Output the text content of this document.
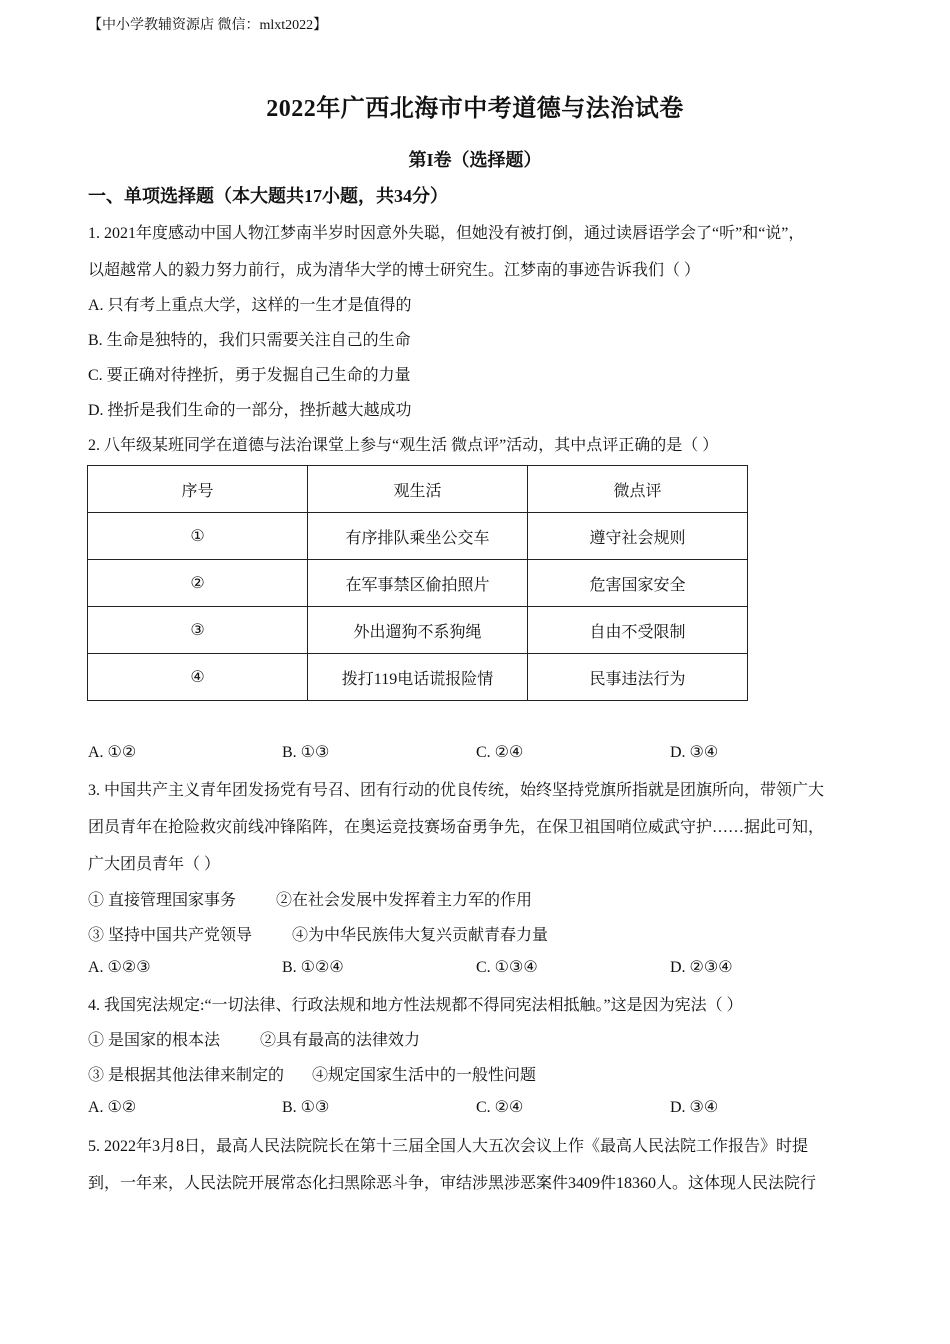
【中小学教辅资源店 微信：mlxt2022】
2022年广西北海市中考道德与法治试卷
第I卷（选择题）
一、单项选择题（本大题共17小题，共34分）
1. 2021年度感动中国人物江梦南半岁时因意外失聪，但她没有被打倒，通过读唇语学会了“听”和“说”，
以超越常人的毅力努力前行，成为清华大学的博士研究生。江梦南的事迹告诉我们（ ）
A. 只有考上重点大学，这样的一生才是值得的
B. 生命是独特的，我们只需要关注自己的生命
C. 要正确对待挫折，勇于发掘自己生命的力量
D. 挫折是我们生命的一部分，挫折越大越成功
2. 八年级某班同学在道德与法治课堂上参与“观生活 微点评”活动，其中点评正确的是（ ）
序号	观生活	微点评
①	有序排队乘坐公交车	遵守社会规则
②	在军事禁区偷拍照片	危害国家安全
③	外出遛狗不系狗绳	自由不受限制
④	拨打119电话谎报险情	民事违法行为
A. ①②	B. ①③	C. ②④	D. ③④
3. 中国共产主义青年团发扬党有号召、团有行动的优良传统，始终坚持党旗所指就是团旗所向，带领广大
团员青年在抢险救灾前线冲锋陷阵，在奥运竞技赛场奋勇争先，在保卫祖国哨位威武守护……据此可知，
广大团员青年（ ）
① 直接管理国家事务          ②在社会发展中发挥着主力军的作用
③ 坚持中国共产党领导          ④为中华民族伟大复兴贡献青春力量
A. ①②③	B. ①②④	C. ①③④	D. ②③④
4. 我国宪法规定:“一切法律、行政法规和地方性法规都不得同宪法相抵触。”这是因为宪法（ ）
① 是国家的根本法          ②具有最高的法律效力
③ 是根据其他法律来制定的       ④规定国家生活中的一般性问题
A. ①②	B. ①③	C. ②④	D. ③④
5. 2022年3月8日，最高人民法院院长在第十三届全国人大五次会议上作《最高人民法院工作报告》时提
到，一年来，人民法院开展常态化扫黑除恶斗争，审结涉黑涉恶案件3409件18360人。这体现人民法院行
